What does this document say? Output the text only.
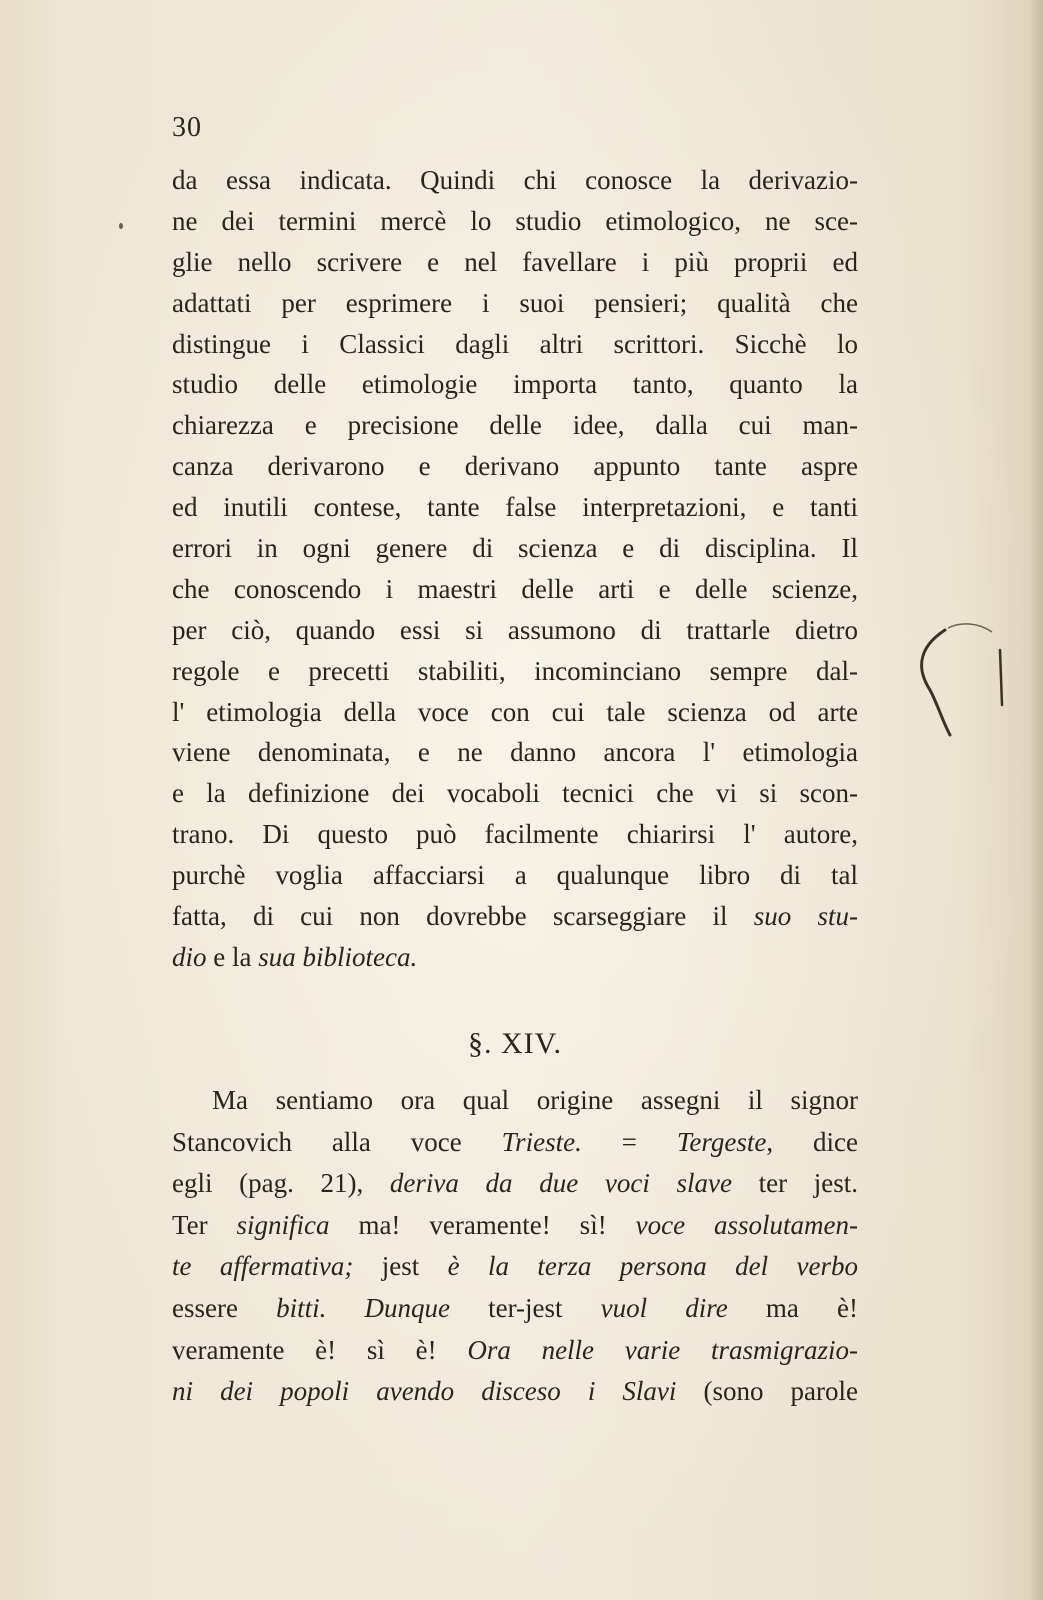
30
da essa indicata. Quindi chi conosce la derivazio-
ne dei termini mercè lo studio etimologico, ne sce-
glie nello scrivere e nel favellare i più proprii ed
adattati per esprimere i suoi pensieri; qualità che
distingue i Classici dagli altri scrittori. Sicchè lo
studio delle etimologie importa tanto, quanto la
chiarezza e precisione delle idee, dalla cui man-
canza derivarono e derivano appunto tante aspre
ed inutili contese, tante false interpretazioni, e tanti
errori in ogni genere di scienza e di disciplina. Il
che conoscendo i maestri delle arti e delle scienze,
per ciò, quando essi si assumono di trattarle dietro
regole e precetti stabiliti, incominciano sempre dal-
l' etimologia della voce con cui tale scienza od arte
viene denominata, e ne danno ancora l' etimologia
e la definizione dei vocaboli tecnici che vi si scon-
trano. Di questo può facilmente chiarirsi l' autore,
purchè voglia affacciarsi a qualunque libro di tal
fatta, di cui non dovrebbe scarseggiare il suo stu-
dio e la sua biblioteca.
§. XIV.
Ma sentiamo ora qual origine assegni il signor
Stancovich alla voce Trieste. = Tergeste, dice
egli (pag. 21), deriva da due voci slave ter jest.
Ter significa ma! veramente! sì! voce assolutamen-
te affermativa; jest è la terza persona del verbo
essere bitti. Dunque ter-jest vuol dire ma è!
veramente è! sì è! Ora nelle varie trasmigrazio-
ni dei popoli avendo disceso i Slavi (sono parole
